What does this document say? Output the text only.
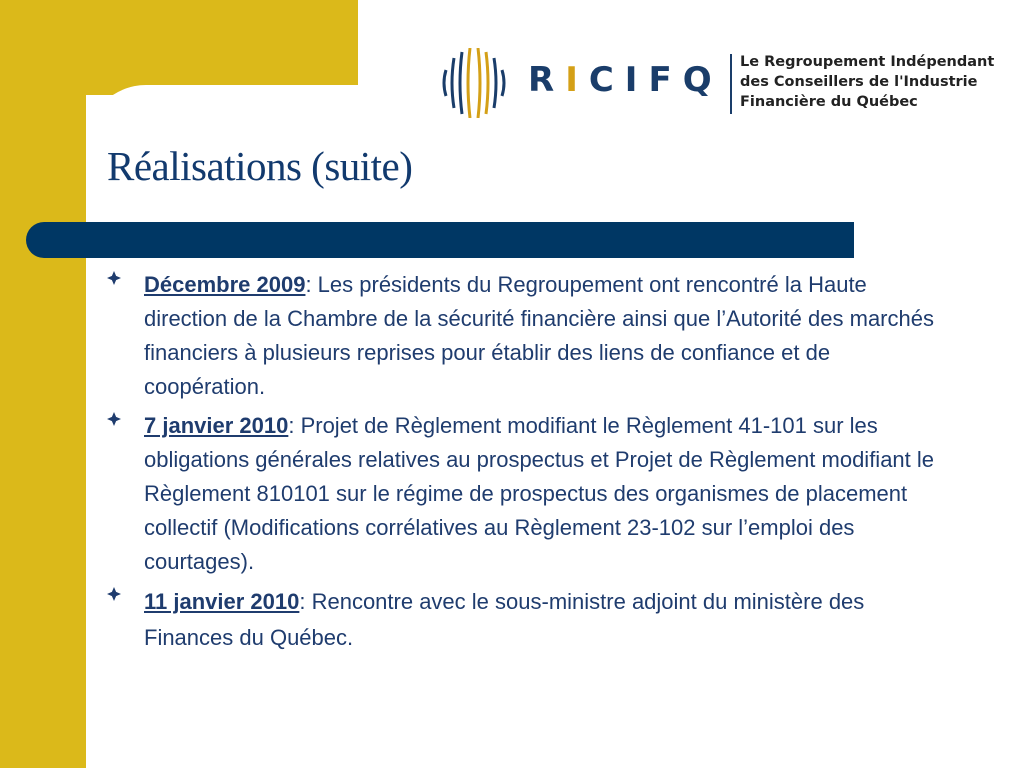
RICIFQ Le Regroupement Indépendant
des Conseillers de l'Industrie
Financière du Québec
Réalisations (suite)
Décembre 2009: Les présidents du Regroupement ont rencontré la Haute direction de la Chambre de la sécurité financière ainsi que l’Autorité des marchés financiers à plusieurs reprises pour établir des liens de confiance et de coopération.
7 janvier 2010: Projet de Règlement modifiant le Règlement 41-101 sur les obligations générales relatives au prospectus et Projet de Règlement modifiant le Règlement 810101 sur le régime de prospectus des organismes de placement collectif (Modifications corrélatives au Règlement 23-102 sur l’emploi des courtages).
11 janvier 2010: Rencontre avec le sous-ministre adjoint du ministère des Finances du Québec.
